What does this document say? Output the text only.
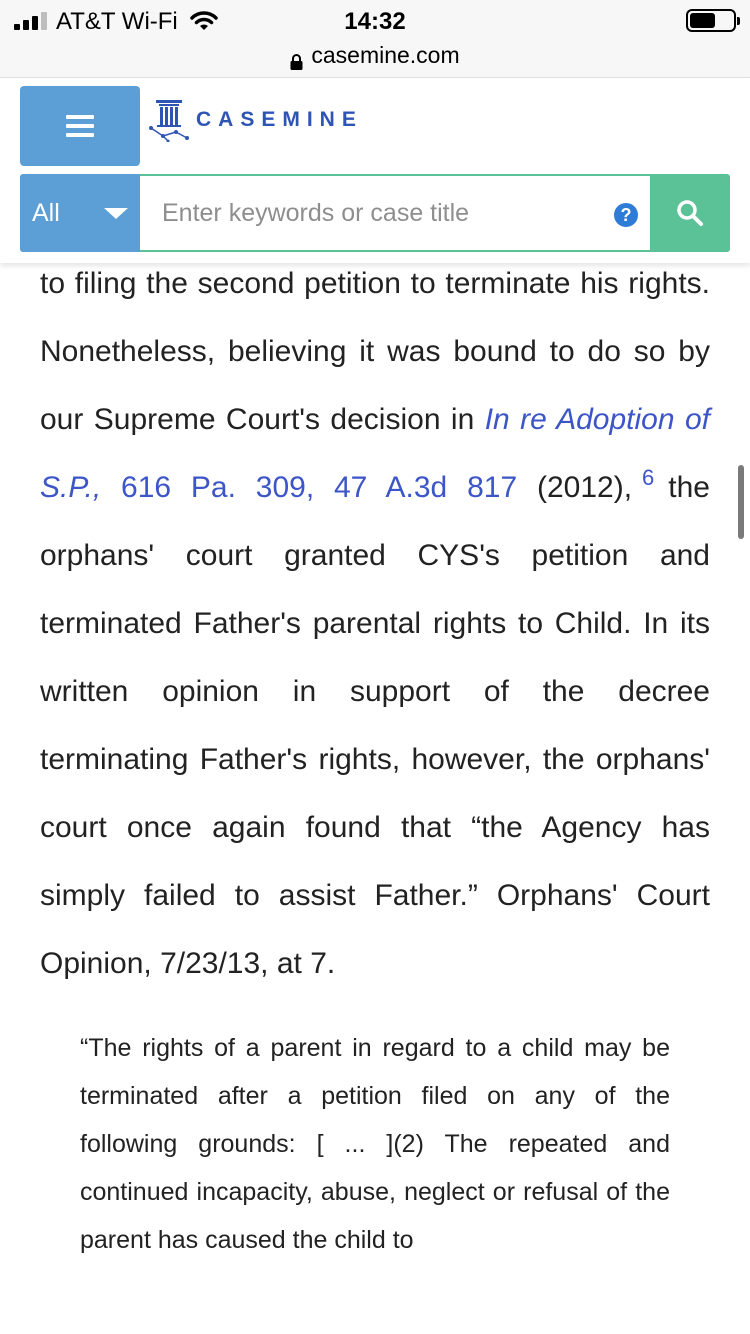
AT&T Wi-Fi	14:32
casemine.com
CASEMINE
All
Enter keywords or case title	?

to filing the second petition to terminate his rights. Nonetheless, believing it was bound to do so by our Supreme Court's decision in In re Adoption of S.P., 616 Pa. 309, 47 A.3d 817 (2012), $^6$ the orphans' court granted CYS's petition and terminated Father's parental rights to Child. In its written opinion in support of the decree terminating Father's rights, however, the orphans' court once again found that “the Agency has simply failed to assist Father.” Orphans' Court Opinion, 7/23/13, at 7.

“The rights of a parent in regard to a child may be terminated after a petition filed on any of the following grounds: [ ... ](2) The repeated and continued incapacity, abuse, neglect or refusal of the parent has caused the child to
